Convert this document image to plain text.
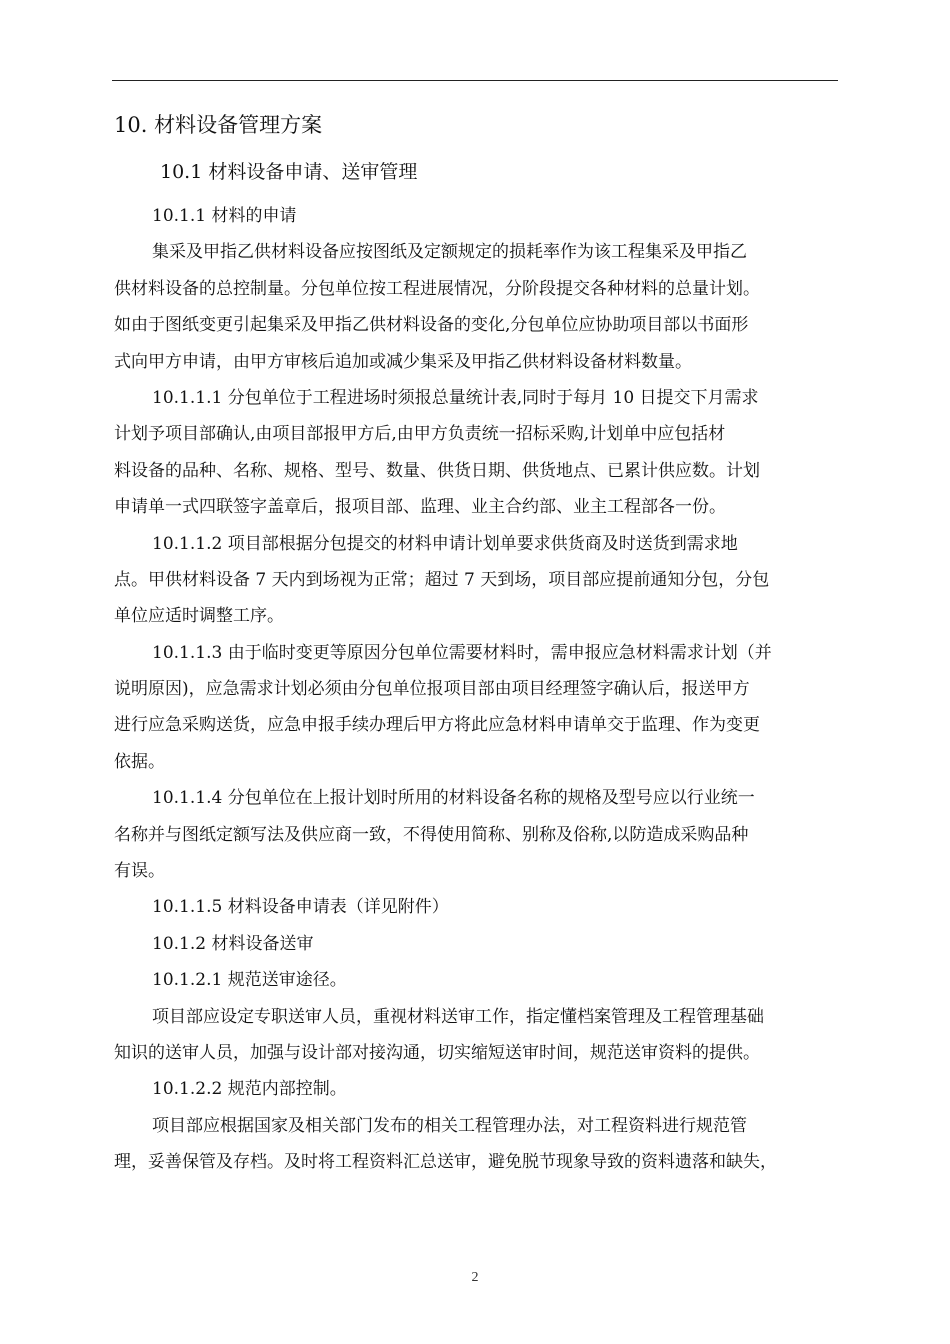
10. 材料设备管理方案
10.1 材料设备申请、送审管理
10.1.1 材料的申请
集采及甲指乙供材料设备应按图纸及定额规定的损耗率作为该工程集采及甲指乙
供材料设备的总控制量。分包单位按工程进展情况，分阶段提交各种材料的总量计划。
如由于图纸变更引起集采及甲指乙供材料设备的变化,分包单位应协助项目部以书面形
式向甲方申请，由甲方审核后追加或减少集采及甲指乙供材料设备材料数量。
10.1.1.1 分包单位于工程进场时须报总量统计表,同时于每月 10 日提交下月需求
计划予项目部确认,由项目部报甲方后,由甲方负责统一招标采购,计划单中应包括材
料设备的品种、名称、规格、型号、数量、供货日期、供货地点、已累计供应数。计划
申请单一式四联签字盖章后，报项目部、监理、业主合约部、业主工程部各一份。
10.1.1.2 项目部根据分包提交的材料申请计划单要求供货商及时送货到需求地
点。甲供材料设备 7 天内到场视为正常；超过 7 天到场，项目部应提前通知分包，分包
单位应适时调整工序。
10.1.1.3 由于临时变更等原因分包单位需要材料时，需申报应急材料需求计划（并
说明原因)，应急需求计划必须由分包单位报项目部由项目经理签字确认后，报送甲方
进行应急采购送货，应急申报手续办理后甲方将此应急材料申请单交于监理、作为变更
依据。
10.1.1.4 分包单位在上报计划时所用的材料设备名称的规格及型号应以行业统一
名称并与图纸定额写法及供应商一致，不得使用简称、别称及俗称,以防造成采购品种
有误。
10.1.1.5 材料设备申请表（详见附件）
10.1.2 材料设备送审
10.1.2.1 规范送审途径。
项目部应设定专职送审人员，重视材料送审工作，指定懂档案管理及工程管理基础
知识的送审人员，加强与设计部对接沟通，切实缩短送审时间，规范送审资料的提供。
10.1.2.2 规范内部控制。
项目部应根据国家及相关部门发布的相关工程管理办法，对工程资料进行规范管
理，妥善保管及存档。及时将工程资料汇总送审，避免脱节现象导致的资料遗落和缺失，
2
